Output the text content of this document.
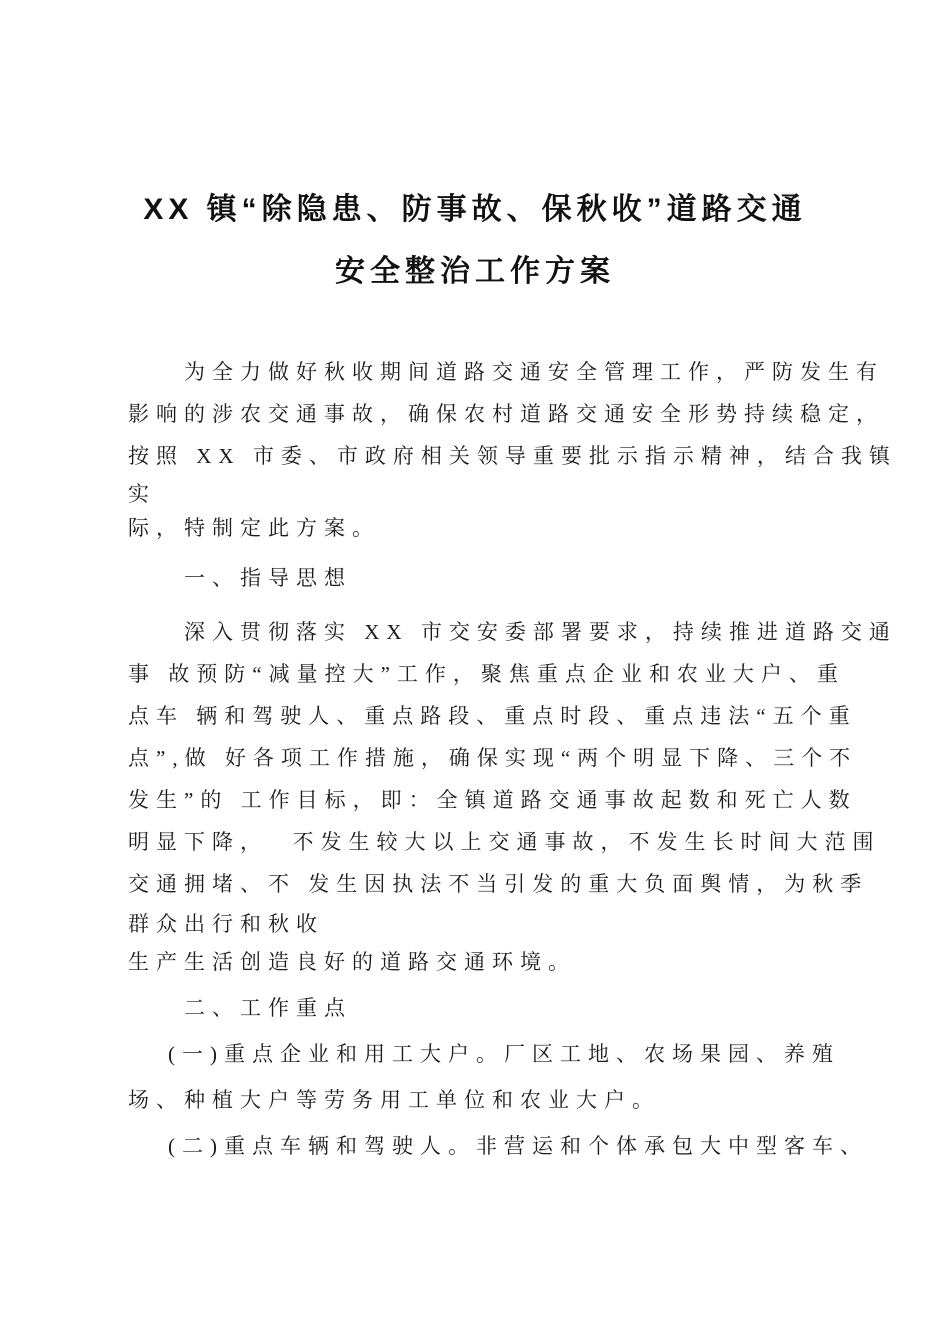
XX 镇“除隐患、防事故、保秋收”道路交通
安全整治工作方案
为全力做好秋收期间道路交通安全管理工作，严防发生有
影响的涉农交通事故，确保农村道路交通安全形势持续稳定，
按照 XX 市委、市政府相关领导重要批示指示精神，结合我镇
实
际，特制定此方案。
一、指导思想
深入贯彻落实 XX 市交安委部署要求，持续推进道路交通
事 故预防“减量控大”工作，聚焦重点企业和农业大户、重
点车 辆和驾驶人、重点路段、重点时段、重点违法“五个重
点”,做 好各项工作措施，确保实现“两个明显下降、三个不
发生”的 工作目标，即：全镇道路交通事故起数和死亡人数
明显下降，  不发生较大以上交通事故，不发生长时间大范围
交通拥堵、不 发生因执法不当引发的重大负面舆情，为秋季
群众出行和秋收
生产生活创造良好的道路交通环境。
二、工作重点
(一)重点企业和用工大户。厂区工地、农场果园、养殖
场、种植大户等劳务用工单位和农业大户。
(二)重点车辆和驾驶人。非营运和个体承包大中型客车、
